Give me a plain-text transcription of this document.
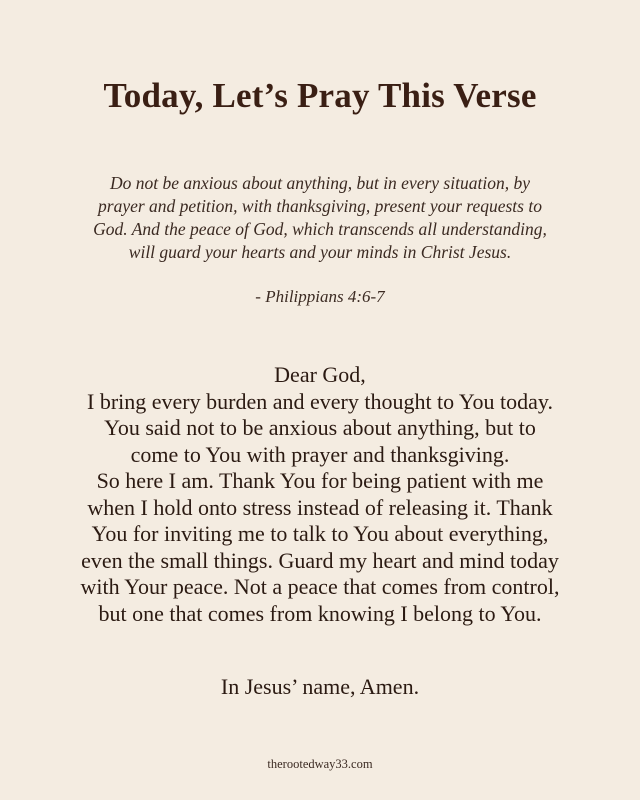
Today, Let’s Pray This Verse
Do not be anxious about anything, but in every situation, by
prayer and petition, with thanksgiving, present your requests to
God. And the peace of God, which transcends all understanding,
will guard your hearts and your minds in Christ Jesus.
- Philippians 4:6-7
Dear God,
I bring every burden and every thought to You today.
You said not to be anxious about anything, but to
come to You with prayer and thanksgiving.
So here I am. Thank You for being patient with me
when I hold onto stress instead of releasing it. Thank
You for inviting me to talk to You about everything,
even the small things. Guard my heart and mind today
with Your peace. Not a peace that comes from control,
but one that comes from knowing I belong to You.
In Jesus’ name, Amen.
therootedway33.com
